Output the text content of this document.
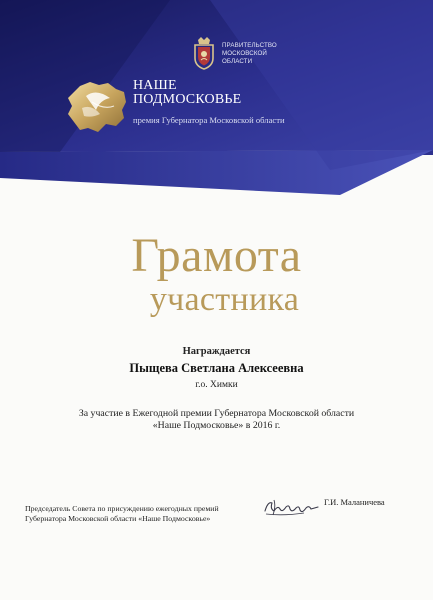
ПРАВИТЕЛЬСТВО
МОСКОВСКОЙ
ОБЛАСТИ
НАШЕ
ПОДМОСКОВЬЕ
премия Губернатора Московской области
Грамота
участника
Награждается
Пыщева Светлана Алексеевна
г.о. Химки
За участие в Ежегодной премии Губернатора Московской области
«Наше Подмосковье» в 2016 г.
Председатель Совета по присуждению ежегодных премий
Губернатора Московской области «Наше Подмосковье»
Г.И. Маланичева
